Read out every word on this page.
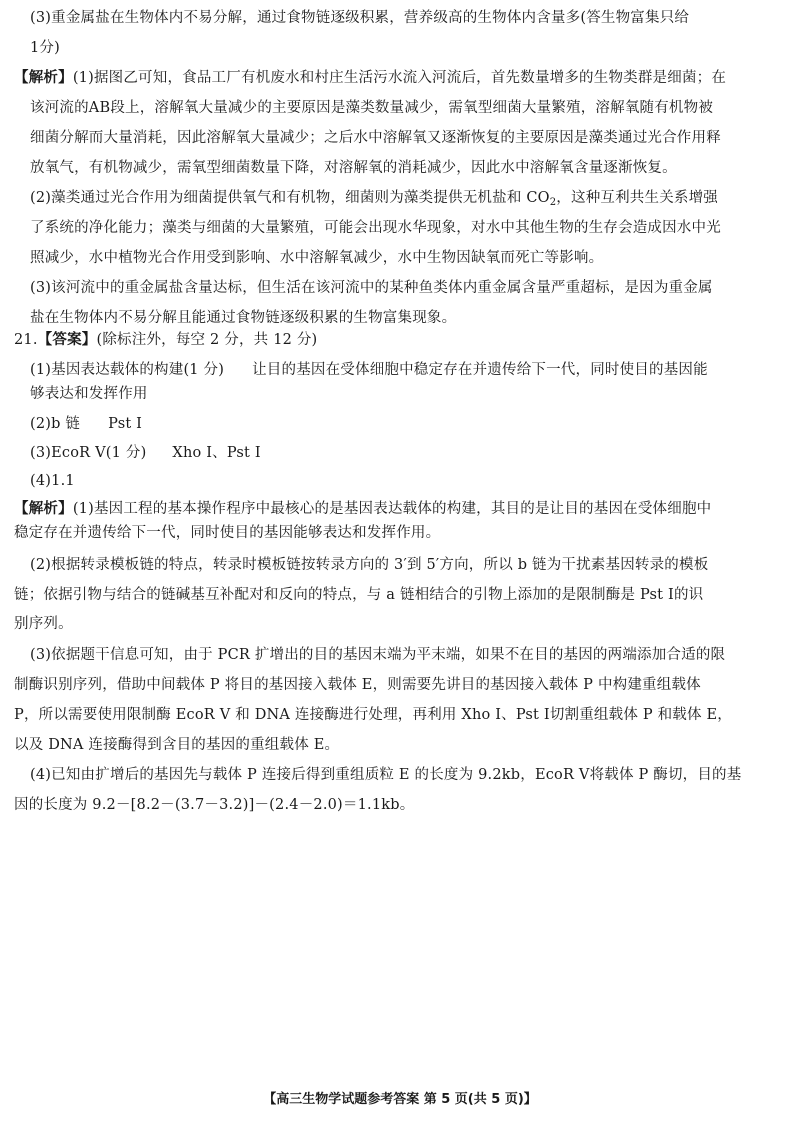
(3)重金属盐在生物体内不易分解，通过食物链逐级积累，营养级高的生物体内含量多(答生物富集只给
1分)
【解析】(1)据图乙可知，食品工厂有机废水和村庄生活污水流入河流后，首先数量增多的生物类群是细菌；在
该河流的AB段上，溶解氧大量减少的主要原因是藻类数量减少，需氧型细菌大量繁殖，溶解氧随有机物被
细菌分解而大量消耗，因此溶解氧大量减少；之后水中溶解氧又逐渐恢复的主要原因是藻类通过光合作用释
放氧气，有机物减少，需氧型细菌数量下降，对溶解氧的消耗减少，因此水中溶解氧含量逐渐恢复。
(2)藻类通过光合作用为细菌提供氧气和有机物，细菌则为藻类提供无机盐和 $CO_2$，这种互利共生关系增强
了系统的净化能力；藻类与细菌的大量繁殖，可能会出现水华现象，对水中其他生物的生存会造成因水中光
照减少，水中植物光合作用受到影响、水中溶解氧减少，水中生物因缺氧而死亡等影响。
(3)该河流中的重金属盐含量达标，但生活在该河流中的某种鱼类体内重金属含量严重超标，是因为重金属
盐在生物体内不易分解且能通过食物链逐级积累的生物富集现象。
21.【答案】(除标注外，每空 2 分，共 12 分)
(1)基因表达载体的构建(1 分) 让目的基因在受体细胞中稳定存在并遗传给下一代，同时使目的基因能
够表达和发挥作用
(2)b 链 Pst Ⅰ
(3)EcoR Ⅴ(1 分) Xho Ⅰ、Pst Ⅰ
(4)1.1
【解析】(1)基因工程的基本操作程序中最核心的是基因表达载体的构建，其目的是让目的基因在受体细胞中
稳定存在并遗传给下一代，同时使目的基因能够表达和发挥作用。
(2)根据转录模板链的特点，转录时模板链按转录方向的 3′到 5′方向，所以 b 链为干扰素基因转录的模板
链；依据引物与结合的链碱基互补配对和反向的特点，与 a 链相结合的引物上添加的是限制酶是 Pst Ⅰ的识
别序列。
(3)依据题干信息可知，由于 PCR 扩增出的目的基因末端为平末端，如果不在目的基因的两端添加合适的限
制酶识别序列，借助中间载体 P 将目的基因接入载体 E，则需要先讲目的基因接入载体 P 中构建重组载体
P，所以需要使用限制酶 EcoR Ⅴ 和 DNA 连接酶进行处理，再利用 Xho Ⅰ、Pst Ⅰ切割重组载体 P 和载体 E，
以及 DNA 连接酶得到含目的基因的重组载体 E。
(4)已知由扩增后的基因先与载体 P 连接后得到重组质粒 E 的长度为 9.2kb，EcoR Ⅴ将载体 P 酶切，目的基
因的长度为 9.2－[8.2－(3.7－3.2)]－(2.4－2.0)＝1.1kb。
【高三生物学试题参考答案 第 5 页(共 5 页)】
